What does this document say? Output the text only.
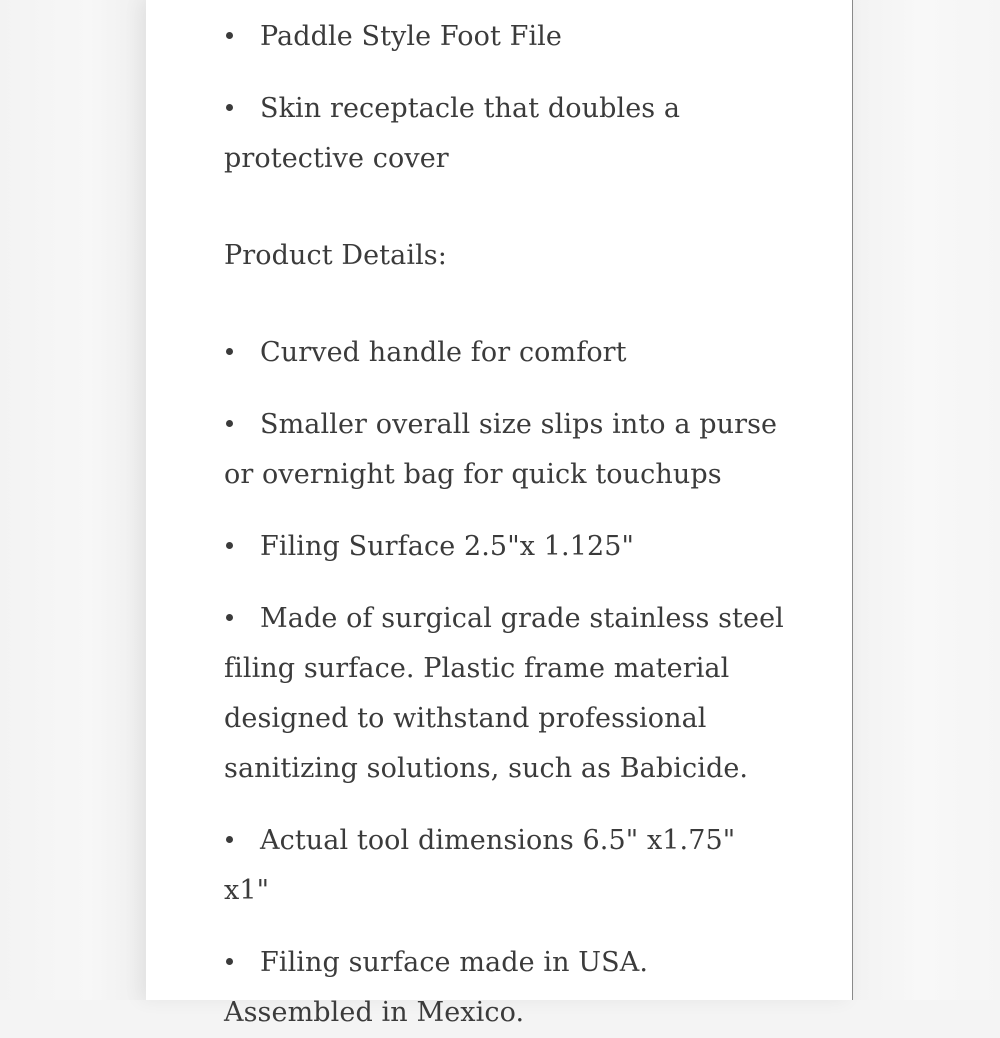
Paddle Style Foot File
Skin receptacle that doubles a protective cover
Product Details:
Curved handle for comfort
Smaller overall size slips into a purse or overnight bag for quick touchups
Filing Surface 2.5"x 1.125"
Made of surgical grade stainless steel filing surface. Plastic frame material designed to withstand professional sanitizing solutions, such as Babicide.
Actual tool dimensions 6.5" x1.75" x1"
Filing surface made in USA. Assembled in Mexico.
